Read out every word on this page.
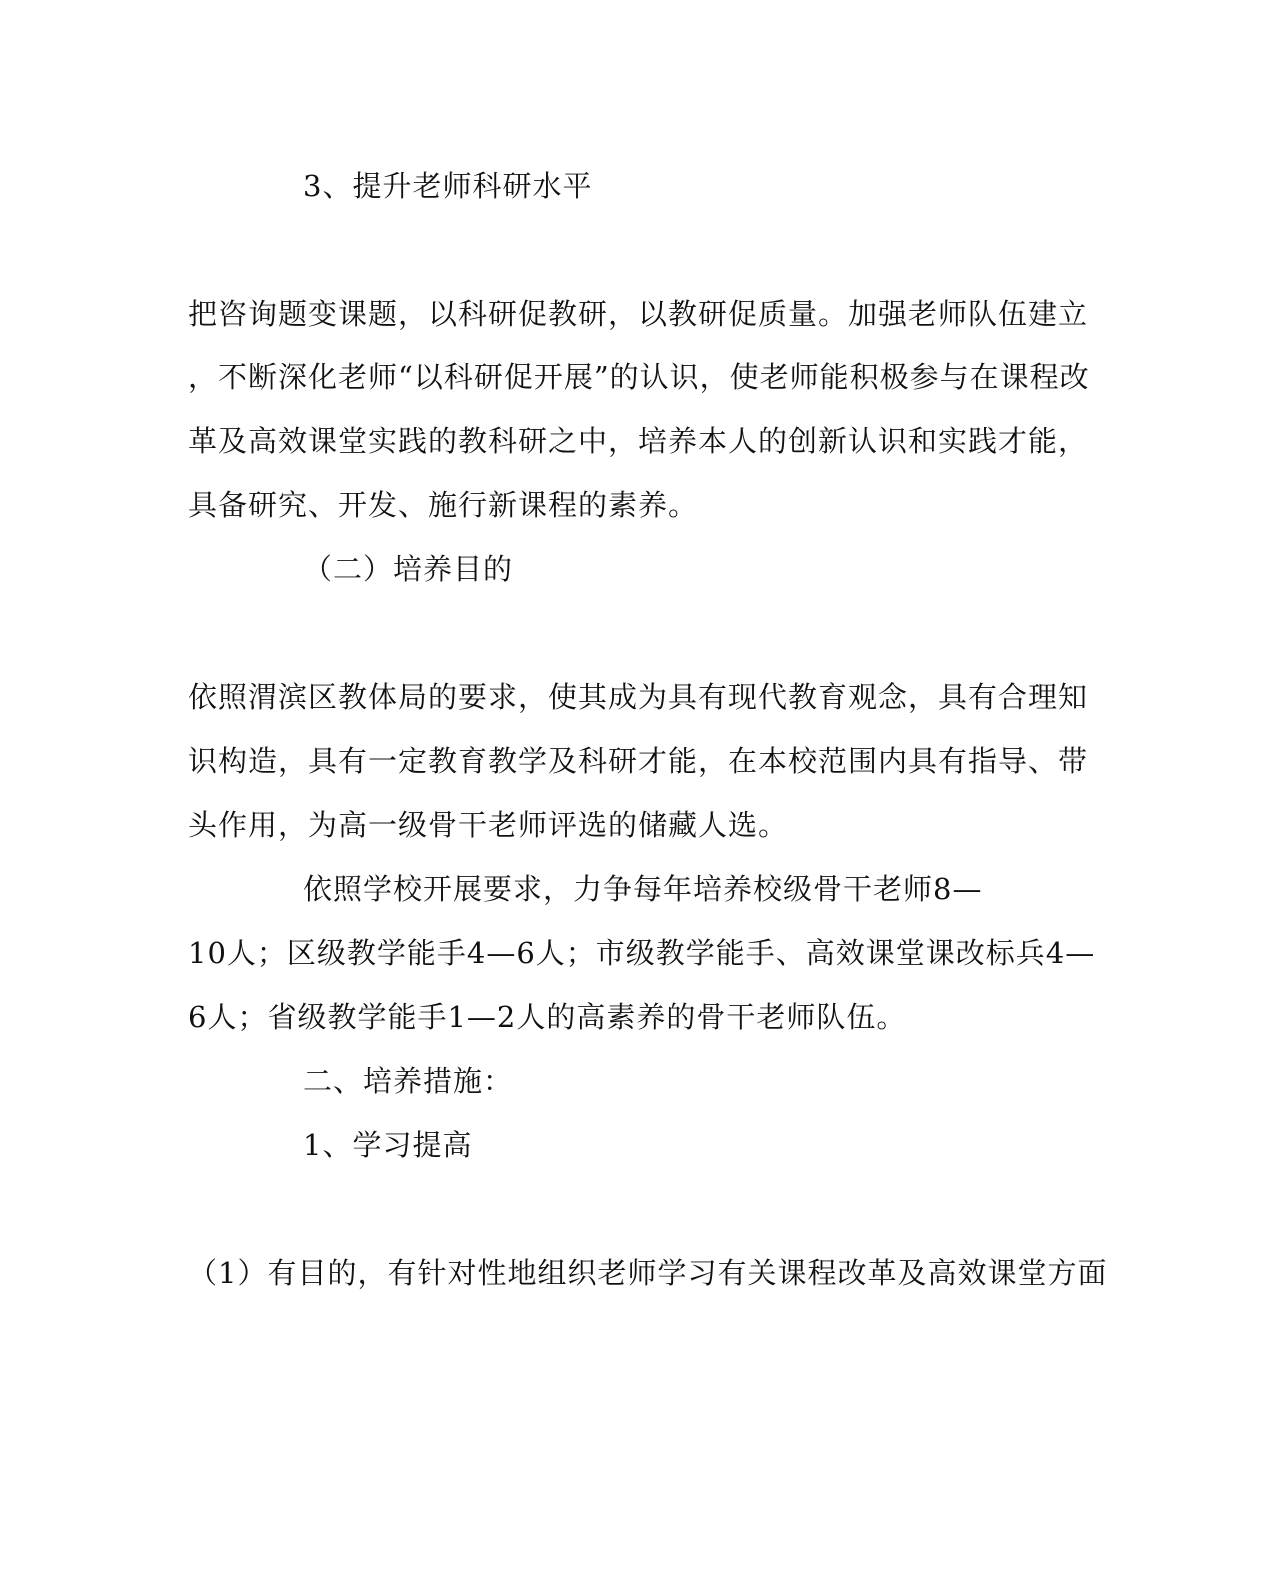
3、提升老师科研水平
把咨询题变课题，以科研促教研，以教研促质量。加强老师队伍建立
，不断深化老师“以科研促开展”的认识，使老师能积极参与在课程改
革及高效课堂实践的教科研之中，培养本人的创新认识和实践才能，
具备研究、开发、施行新课程的素养。
（二）培养目的
依照渭滨区教体局的要求，使其成为具有现代教育观念，具有合理知
识构造，具有一定教育教学及科研才能，在本校范围内具有指导、带
头作用，为高一级骨干老师评选的储藏人选。
依照学校开展要求，力争每年培养校级骨干老师8—
10人；区级教学能手4—6人；市级教学能手、高效课堂课改标兵4—
6人；省级教学能手1—2人的高素养的骨干老师队伍。
二、培养措施：
1、学习提高
（1）有目的，有针对性地组织老师学习有关课程改革及高效课堂方面
